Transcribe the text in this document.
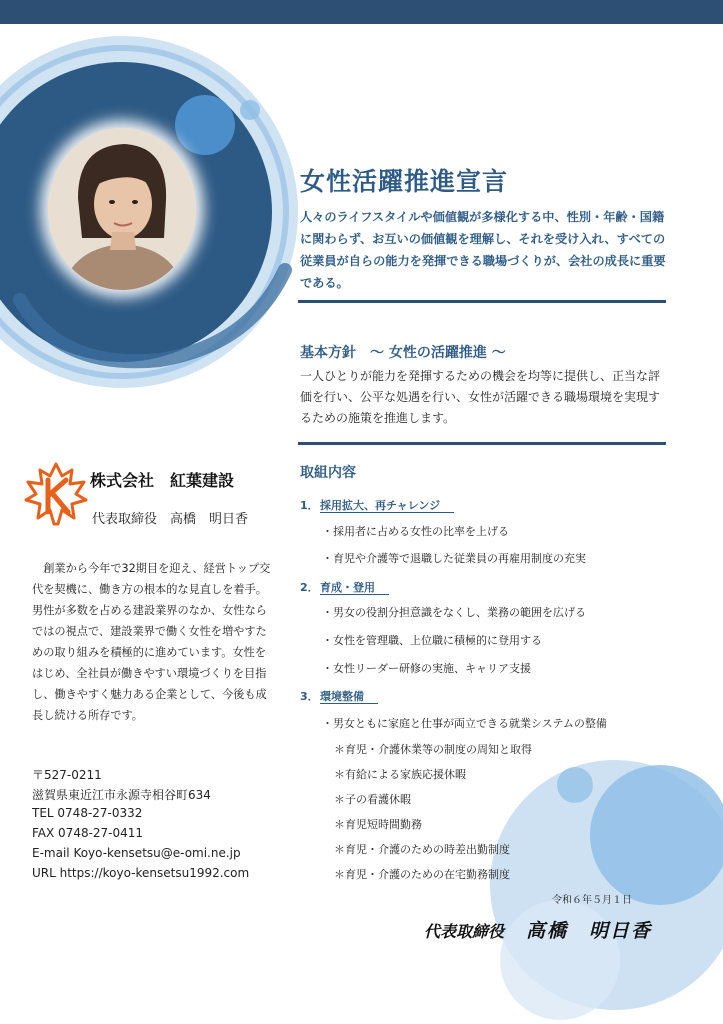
女性活躍推進宣言
人々のライフスタイルや価値観が多様化する中、性別・年齢・国籍に関わらず、お互いの価値観を理解し、それを受け入れ、すべての従業員が自らの能力を発揮できる職場づくりが、会社の成長に重要である。
基本方針　～ 女性の活躍推進 ～
一人ひとりが能力を発揮するための機会を均等に提供し、正当な評価を行い、公平な処遇を行い、女性が活躍できる職場環境を実現するための施策を推進します。
取組内容
1．採用拡大、再チャレンジ
・採用者に占める女性の比率を上げる
・育児や介護等で退職した従業員の再雇用制度の充実
2．育成・登用
・男女の役割分担意識をなくし、業務の範囲を広げる
・女性を管理職、上位職に積極的に登用する
・女性リーダー研修の実施、キャリア支援
3．環境整備
・男女ともに家庭と仕事が両立できる就業システムの整備
＊育児・介護休業等の制度の周知と取得
＊有給による家族応援休暇
＊子の看護休暇
＊育児短時間勤務
＊育児・介護のための時差出勤制度
＊育児・介護のための在宅勤務制度
株式会社　紅葉建設
代表取締役　高橋　明日香
創業から今年で32期目を迎え、経営トップ交代を契機に、働き方の根本的な見直しを着手。男性が多数を占める建設業界のなか、女性ならではの視点で、建設業界で働く女性を増やすための取り組みを積極的に進めています。女性をはじめ、全社員が働きやすい環境づくりを目指し、働きやすく魅力ある企業として、今後も成長し続ける所存です。
〒527-0211
滋賀県東近江市永源寺相谷町634
TEL 0748-27-0332
FAX 0748-27-0411
E-mail Koyo-kensetsu@e-omi.ne.jp
URL https://koyo-kensetsu1992.com
令和６年５月１日
代表取締役 高橋　明日香
